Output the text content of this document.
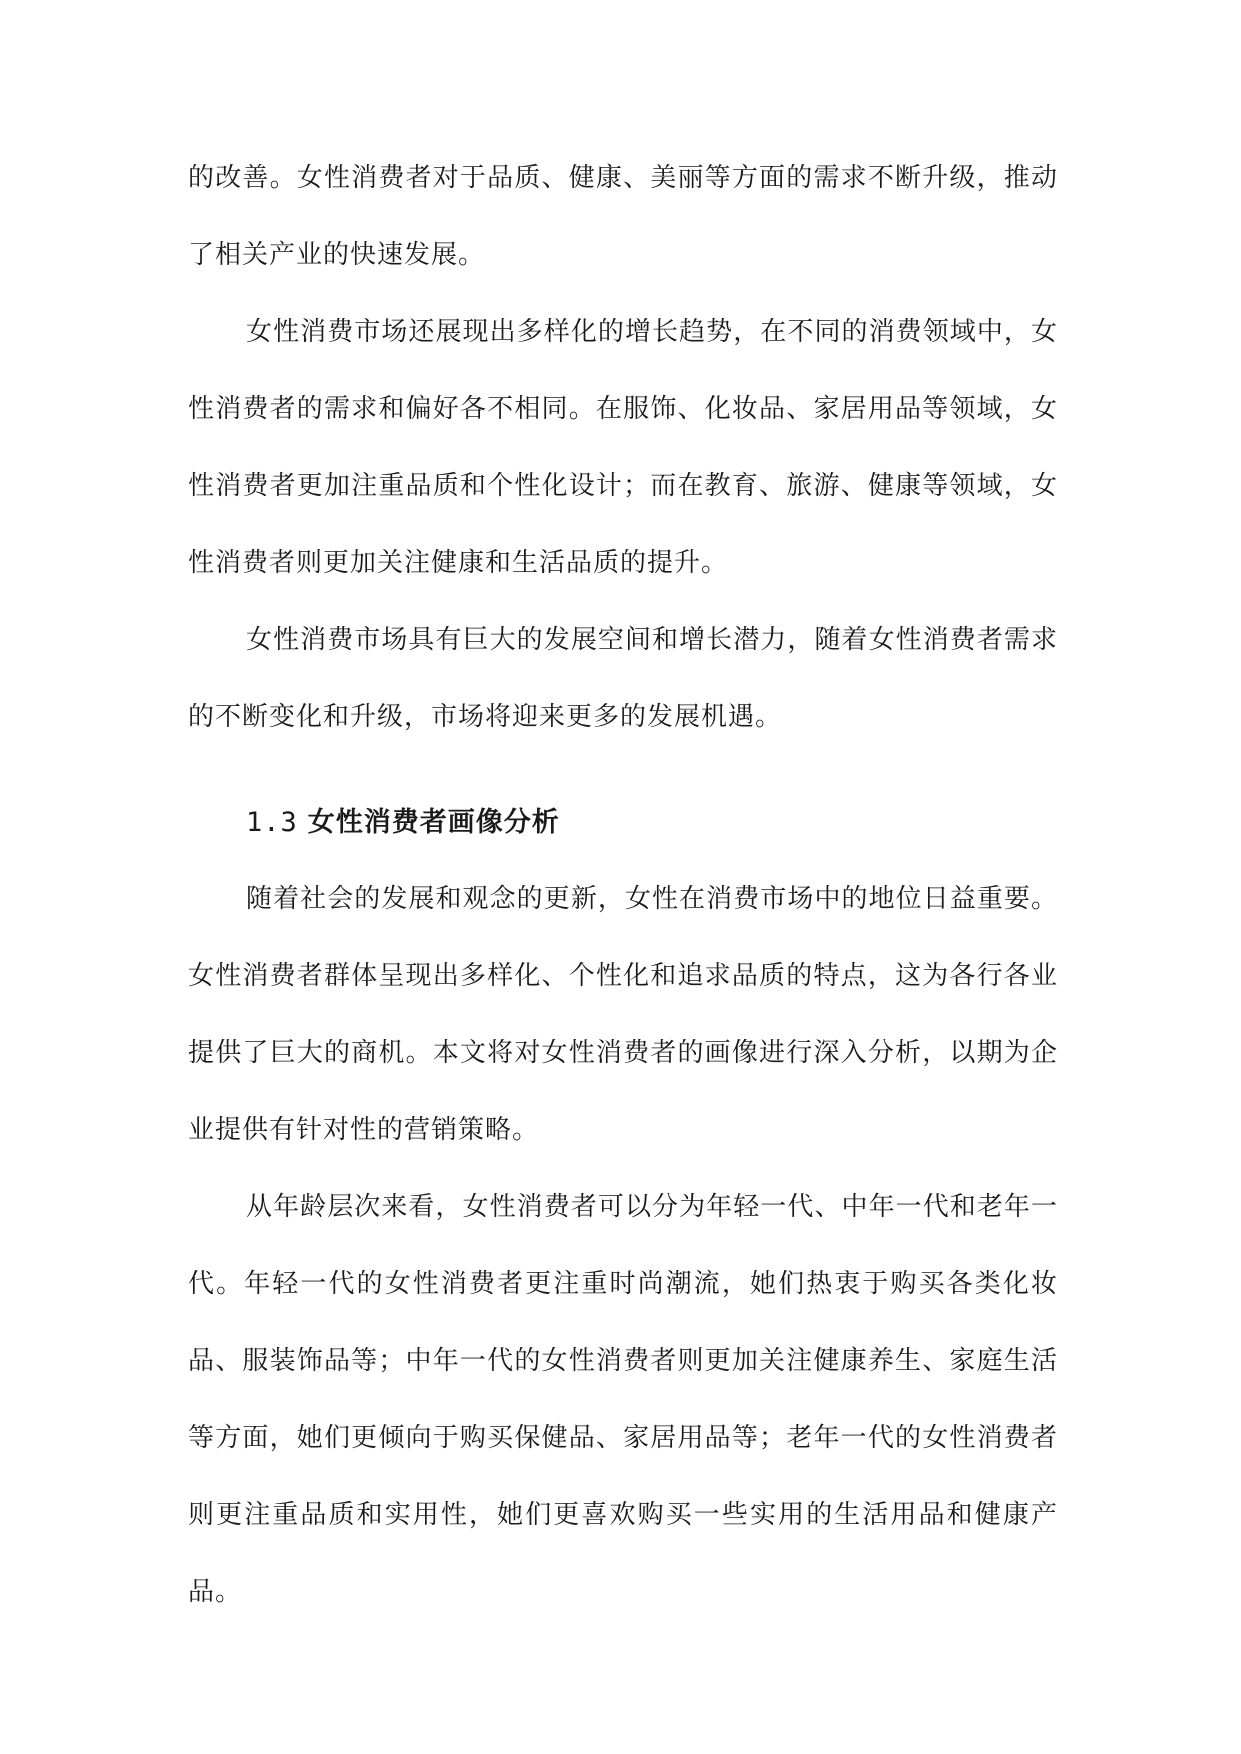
的改善。女性消费者对于品质、健康、美丽等方面的需求不断升级，推动了相关产业的快速发展。

女性消费市场还展现出多样化的增长趋势，在不同的消费领域中，女性消费者的需求和偏好各不相同。在服饰、化妆品、家居用品等领域，女性消费者更加注重品质和个性化设计；而在教育、旅游、健康等领域，女性消费者则更加关注健康和生活品质的提升。

女性消费市场具有巨大的发展空间和增长潜力，随着女性消费者需求的不断变化和升级，市场将迎来更多的发展机遇。

1.3 女性消费者画像分析

随着社会的发展和观念的更新，女性在消费市场中的地位日益重要。女性消费者群体呈现出多样化、个性化和追求品质的特点，这为各行各业提供了巨大的商机。本文将对女性消费者的画像进行深入分析，以期为企业提供有针对性的营销策略。

从年龄层次来看，女性消费者可以分为年轻一代、中年一代和老年一代。年轻一代的女性消费者更注重时尚潮流，她们热衷于购买各类化妆品、服装饰品等；中年一代的女性消费者则更加关注健康养生、家庭生活等方面，她们更倾向于购买保健品、家居用品等；老年一代的女性消费者则更注重品质和实用性，她们更喜欢购买一些实用的生活用品和健康产品。
